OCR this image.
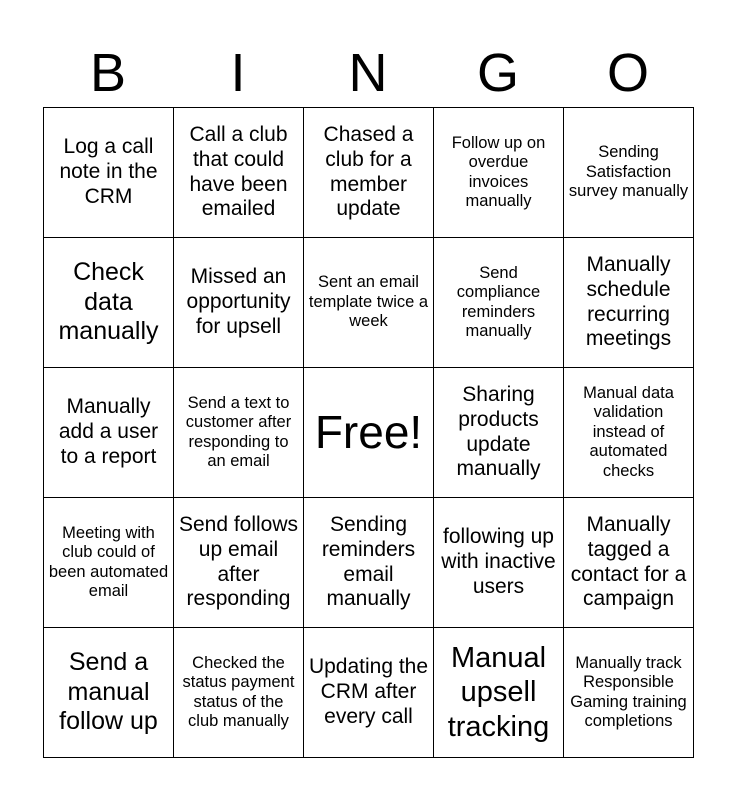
B	I	N	G	O
Log a call note in the CRM	Call a club that could have been emailed	Chased a club for a member update	Follow up on overdue invoices manually	Sending Satisfaction survey manually
Check data manually	Missed an opportunity for upsell	Sent an email template twice a week	Send compliance reminders manually	Manually schedule recurring meetings
Manually add a user to a report	Send a text to customer after responding to an email	Free!	Sharing products update manually	Manual data validation instead of automated checks
Meeting with club could of been automated email	Send follows up email after responding	Sending reminders email manually	following up with inactive users	Manually tagged a contact for a campaign
Send a manual follow up	Checked the status payment status of the club manually	Updating the CRM after every call	Manual upsell tracking	Manually track Responsible Gaming training completions
